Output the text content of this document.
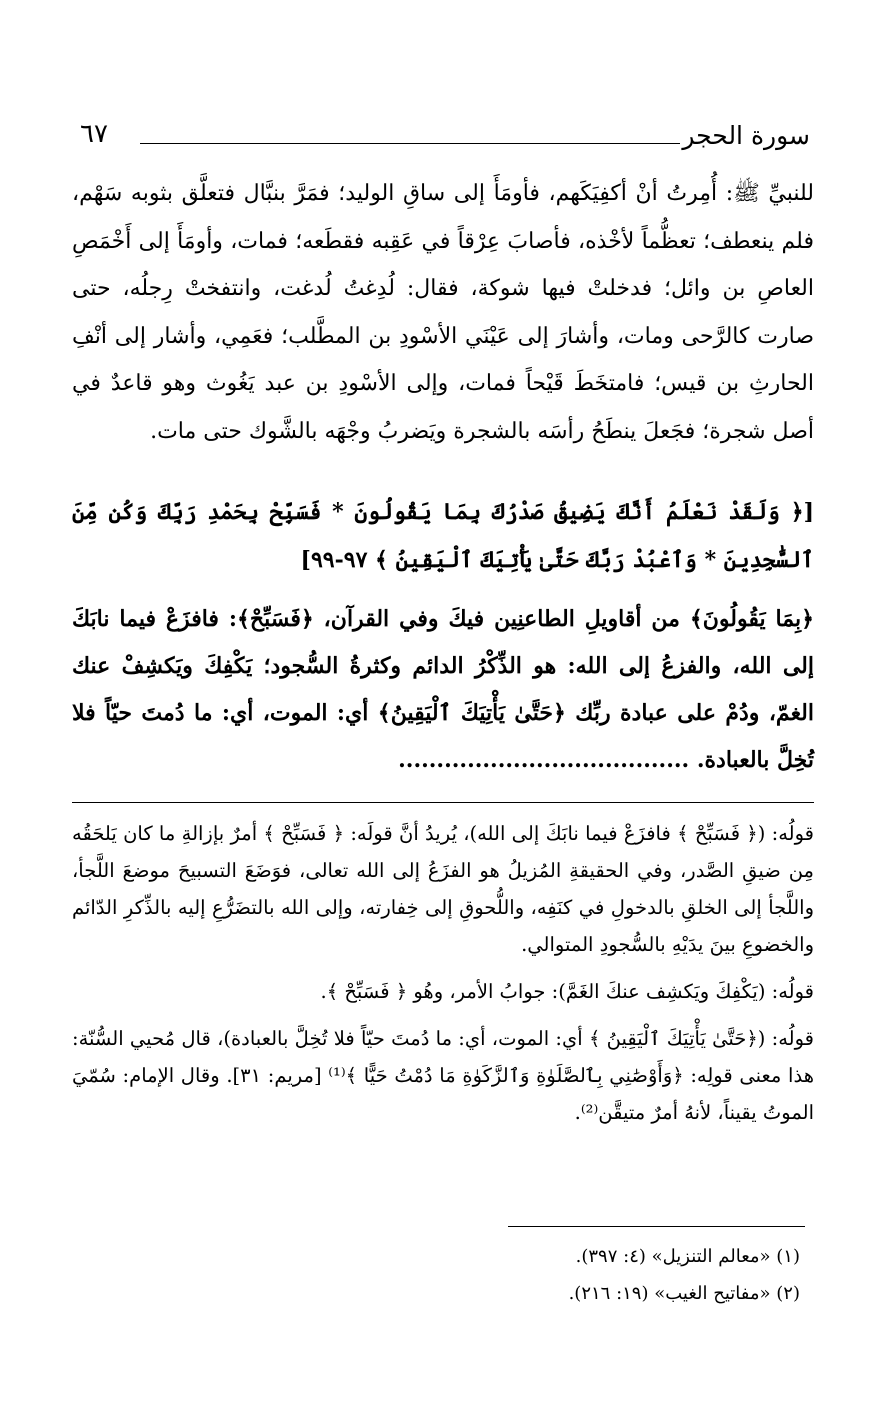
سورة الحجر
٦٧
للنبيِّ ﷺ: أُمِرتُ أنْ أكفِيَكَهم، فأومَأَ إلى ساقِ الوليد؛ فمَرَّ بنبَّال فتعلَّق بثوبه سَهْم، فلم ينعطف؛ تعظُّماً لأخْذه، فأصابَ عِرْقاً في عَقِبه فقطَعه؛ فمات، وأومَأَ إلى أَخْمَصِ العاصِ بن وائل؛ فدخلتْ فيها شوكة، فقال: لُدِغتُ لُدغت، وانتفختْ رِجلُه، حتى صارت كالرَّحى ومات، وأشارَ إلى عَيْنَي الأسْودِ بن المطَّلب؛ فعَمِي، وأشار إلى أنْفِ الحارثِ بن قيس؛ فامتخَطَ قَيْحاً فمات، وإلى الأسْودِ بن عبد يَغُوث وهو قاعدٌ في أصل شجرة؛ فجَعلَ ينطَحُ رأسَه بالشجرة ويَضربُ وجْهَه بالشَّوك حتى مات.
[﴿ وَلَقَدْ نَعْلَمُ أَنَّكَ يَضِيقُ صَدْرُكَ بِمَا يَقُولُونَ * فَسَبِّحْ بِحَمْدِ رَبِّكَ وَكُن مِّنَ ٱلسَّٰجِدِينَ * وَٱعْبُدْ رَبَّكَ حَتَّىٰ يَأْتِيَكَ ٱلْيَقِينُ ﴾ ٩٧-٩٩]
﴿بِمَا يَقُولُونَ﴾ من أقاويلِ الطاعنِين فيكَ وفي القرآن، ﴿فَسَبِّحْ﴾: فافزَعْ فيما نابَكَ إلى الله، والفزعُ إلى الله: هو الذِّكْرُ الدائم وكثرةُ السُّجود؛ يَكْفِكَ ويَكشِفْ عنك الغمّ، ودُمْ على عبادة ربِّك ﴿حَتَّىٰ يَأْتِيَكَ ٱلْيَقِينُ﴾ أي: الموت، أي: ما دُمتَ حيّاً فلا تُخِلَّ بالعبادة. ......................................

قولُه: (﴿ فَسَبِّحْ ﴾ فافزَعْ فيما نابَكَ إلى الله)، يُريدُ أنَّ قولَه: ﴿ فَسَبِّحْ ﴾ أمرٌ بإزالةِ ما كان يَلحَقُه مِن ضيقِ الصَّدر، وفي الحقيقةِ المُزيلُ هو الفزَعُ إلى الله تعالى، فوَضَعَ التسبيحَ موضعَ اللَّجأ، واللَّجأ إلى الخلقِ بالدخولِ في كنَفِه، واللُّحوقِ إلى خِفارته، وإلى الله بالتضَرُّعِ إليه بالذِّكرِ الدّائم والخضوعِ بينَ يدَيْهِ بالسُّجودِ المتوالي.

قولُه: (يَكْفِكَ ويَكشِف عنكَ الغَمَّ): جوابُ الأمر، وهُو ﴿ فَسَبِّحْ ﴾.

قولُه: (﴿حَتَّىٰ يَأْتِيَكَ ٱلْيَقِينُ ﴾ أي: الموت، أي: ما دُمتَ حيّاً فلا تُخِلَّ بالعبادة)، قال مُحيي السُّنّة: هذا معنى قولِه: ﴿وَأَوْصَٰنِي بِٱلصَّلَوٰةِ وَٱلزَّكَوٰةِ مَا دُمْتُ حَيًّا ﴾⁽¹⁾ [مريم: ٣١]. وقال الإمام: سُمّيَ الموتُ يقيناً، لأنهُ أمرٌ متيقَّن⁽²⁾.

(١) «معالم التنزيل» (٤: ٣٩٧).
(٢) «مفاتيح الغيب» (١٩: ٢١٦).
